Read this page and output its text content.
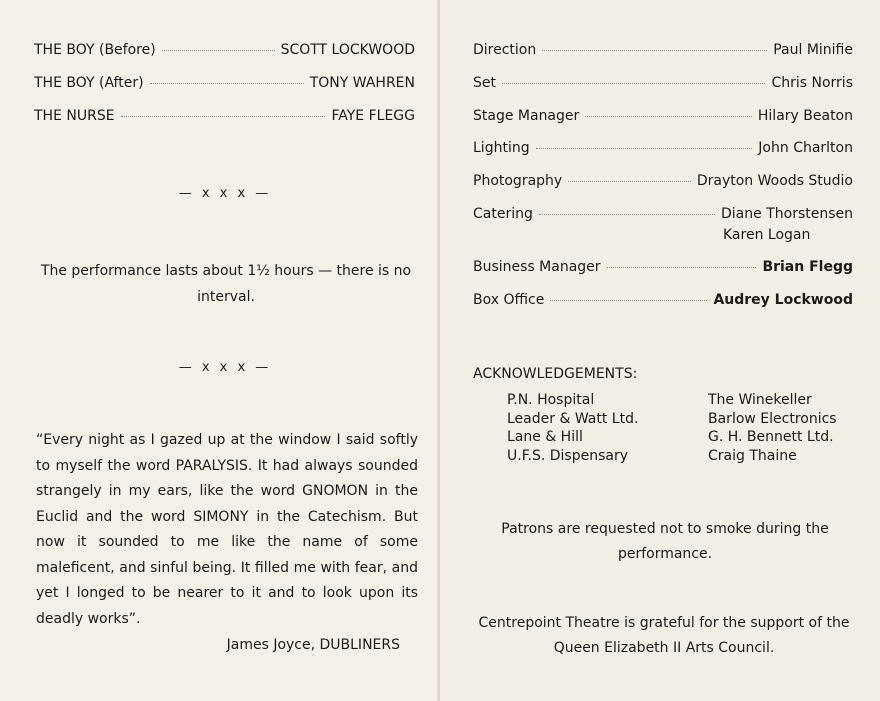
THE BOY (Before)	SCOTT LOCKWOOD
THE BOY (After)	TONY WAHREN
THE NURSE	FAYE FLEGG
— x x x —
The performance lasts about 1½ hours — there is no interval.
— x x x —
“Every night as I gazed up at the window I said softly to myself the word PARALYSIS. It had always sounded strangely in my ears, like the word GNOMON in the Euclid and the word SIMONY in the Catechism. But now it sounded to me like the name of some maleficent, and sinful being. It filled me with fear, and yet I longed to be nearer to it and to look upon its deadly works”.
James Joyce, DUBLINERS
Direction	Paul Minifie
Set	Chris Norris
Stage Manager	Hilary Beaton
Lighting	John Charlton
Photography	Drayton Woods Studio
Catering	Diane Thorstensen
Karen Logan
Business Manager	Brian Flegg
Box Office	Audrey Lockwood
ACKNOWLEDGEMENTS:
P.N. Hospital
Leader & Watt Ltd.
Lane & Hill
U.F.S. Dispensary
The Winekeller
Barlow Electronics
G. H. Bennett Ltd.
Craig Thaine
Patrons are requested not to smoke during the performance.
Centrepoint Theatre is grateful for the support of the Queen Elizabeth II Arts Council.
